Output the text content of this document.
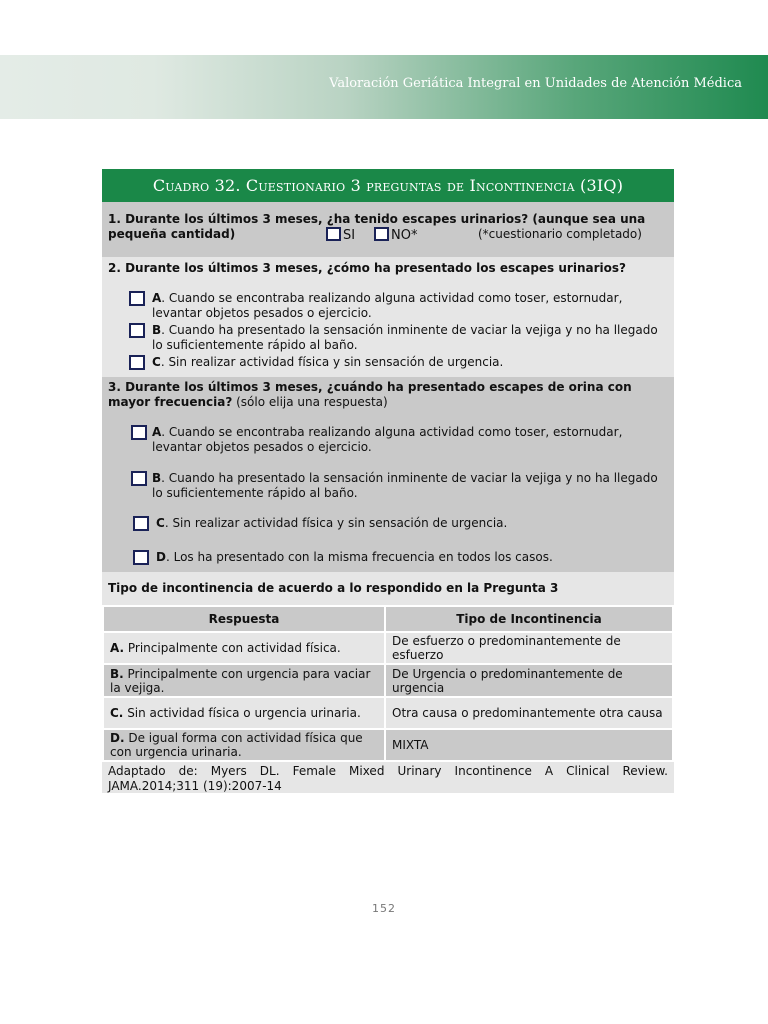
Valoración Geriática Integral en Unidades de Atención Médica
Cuadro 32. Cuestionario 3 preguntas de Incontinencia (3IQ)
1. Durante los últimos 3 meses, ¿ha tenido escapes urinarios? (aunque sea una
pequeña cantidad)	SI	NO*	(*cuestionario completado)
2. Durante los últimos 3 meses, ¿cómo ha presentado los escapes urinarios?
A. Cuando se encontraba realizando alguna actividad como toser, estornudar, levantar objetos pesados o ejercicio.
B. Cuando ha presentado la sensación inminente de vaciar la vejiga y no ha llegado lo suficientemente rápido al baño.
C. Sin realizar actividad física y sin sensación de urgencia.
3. Durante los últimos 3 meses, ¿cuándo ha presentado escapes de orina con mayor frecuencia? (sólo elija una respuesta)
A. Cuando se encontraba realizando alguna actividad como toser, estornudar, levantar objetos pesados o ejercicio.
B. Cuando ha presentado la sensación inminente de vaciar la vejiga y no ha llegado lo suficientemente rápido al baño.
C. Sin realizar actividad física y sin sensación de urgencia.
D. Los ha presentado con la misma frecuencia en todos los casos.
Tipo de incontinencia de acuerdo a lo respondido en la Pregunta 3
Respuesta	Tipo de Incontinencia
A. Principalmente con actividad física.	De esfuerzo o predominantemente de esfuerzo
B. Principalmente con urgencia para vaciar la vejiga.	De Urgencia o predominantemente de urgencia
C. Sin actividad física o urgencia urinaria.	Otra causa o predominantemente otra causa
D. De igual forma con actividad física que con urgencia urinaria.	MIXTA
Adaptado de: Myers DL. Female Mixed Urinary Incontinence A Clinical Review. JAMA.2014;311 (19):2007-14
152
